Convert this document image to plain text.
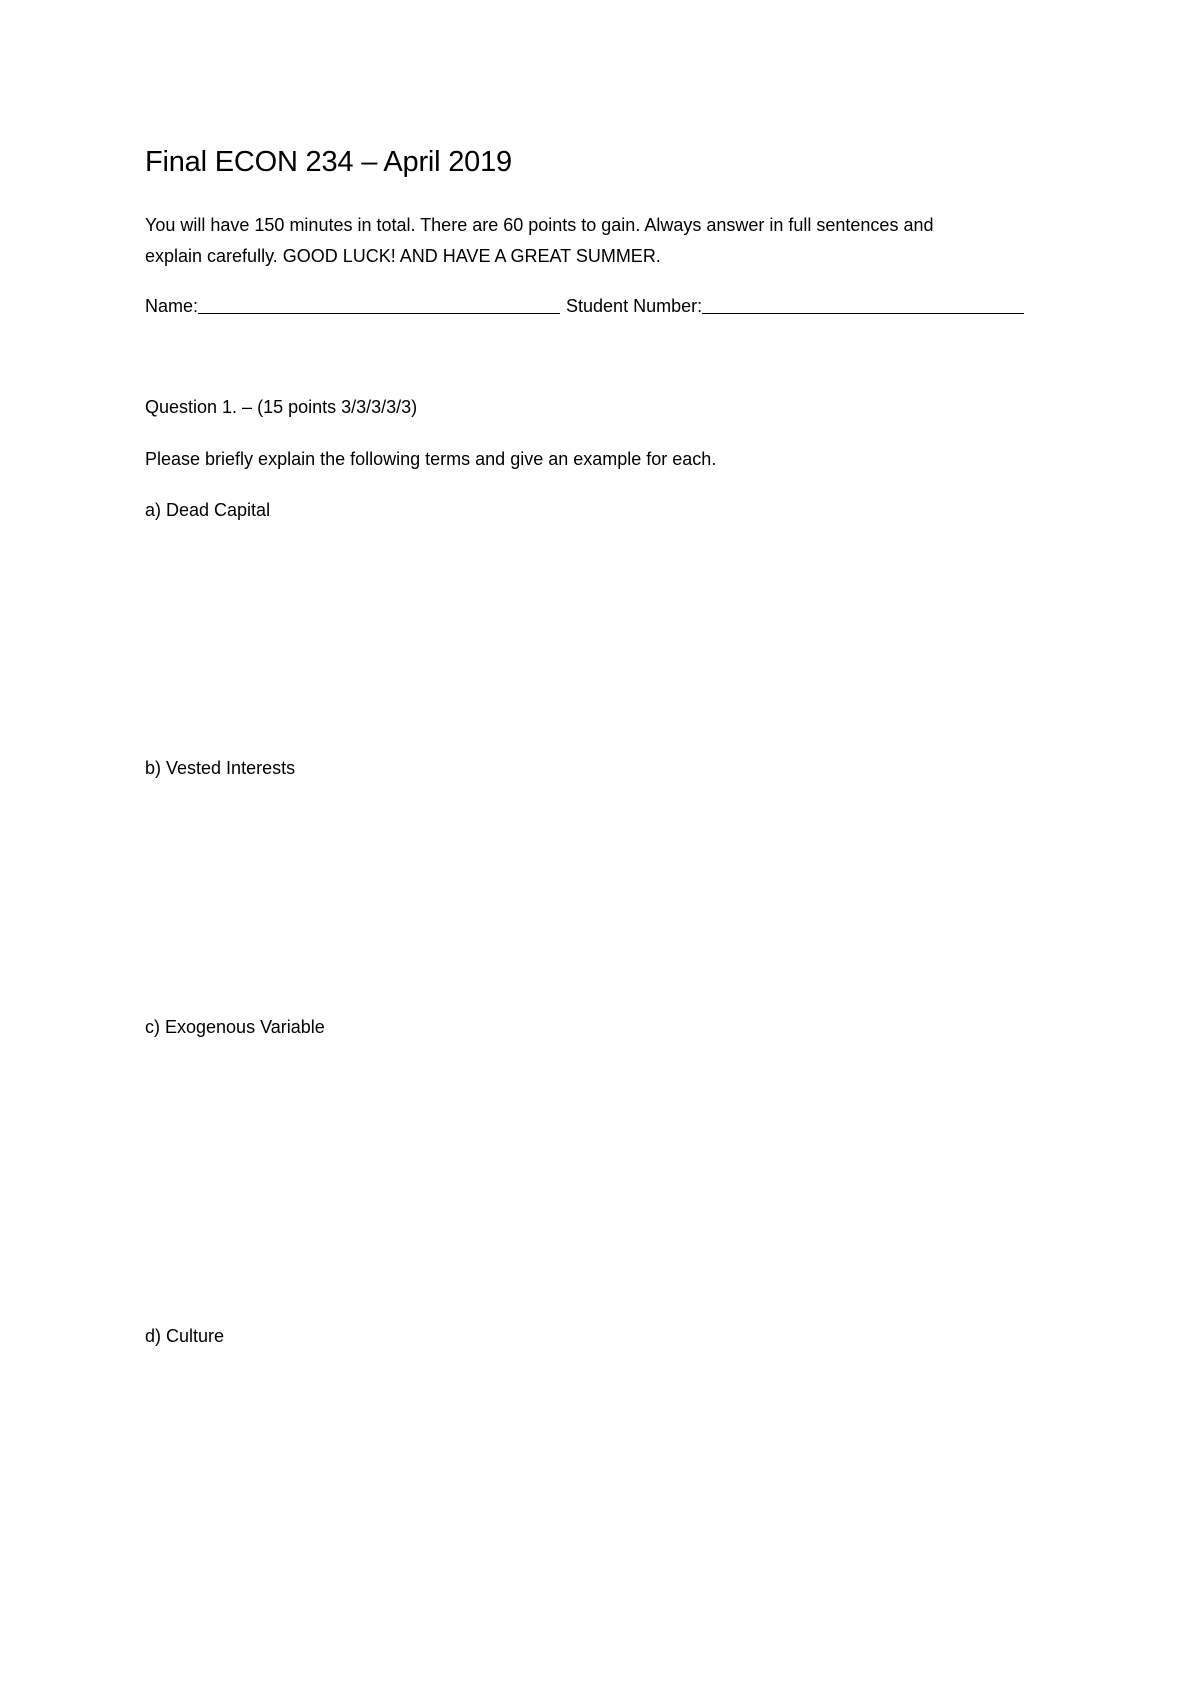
Final ECON 234 – April 2019
You will have 150 minutes in total. There are 60 points to gain. Always answer in full sentences and
explain carefully. GOOD LUCK! AND HAVE A GREAT SUMMER.
Name:	Student Number:
Question 1. – (15 points 3/3/3/3/3)
Please briefly explain the following terms and give an example for each.
a) Dead Capital
b) Vested Interests
c) Exogenous Variable
d) Culture
